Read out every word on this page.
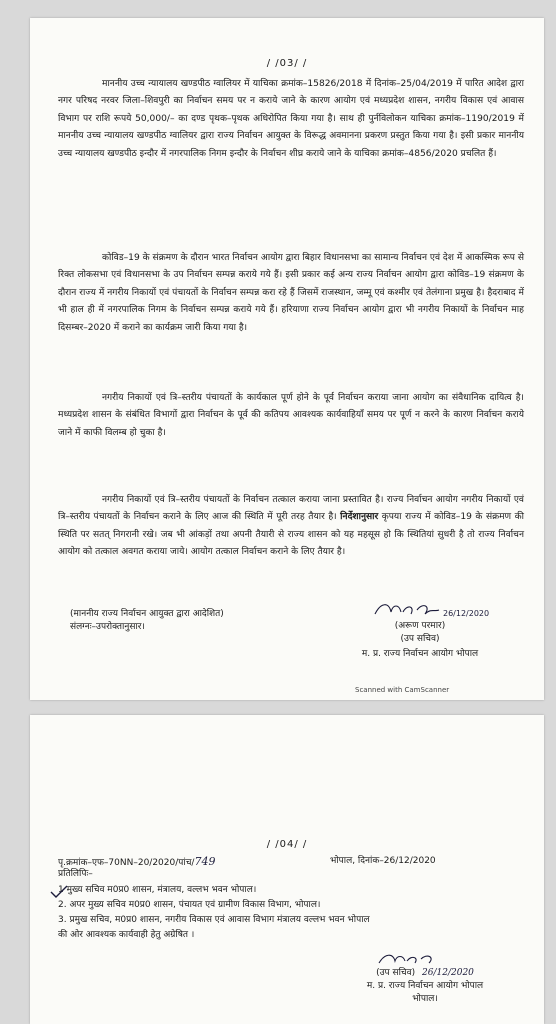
/ /03/ /
माननीय उच्च न्यायालय खण्डपीठ ग्वालियर में याचिका क्रमांक–15826/2018 में दिनांक–25/04/2019 में पारित आदेश द्वारा नगर परिषद नरवर जिला–शिवपुरी का निर्वाचन समय पर न कराये जाने के कारण आयोग एवं मध्यप्रदेश शासन, नगरीय विकास एवं आवास विभाग पर राशि रूपये 50,000/– का दण्ड पृथक–पृथक अधिरोपित किया गया है। साथ ही पुर्नविलोकन याचिका क्रमांक–1190/2019 में माननीय उच्च न्यायालय खण्डपीठ ग्वालियर द्वारा राज्य निर्वाचन आयुक्त के विरूद्ध अवमानना प्रकरण प्रस्तुत किया गया है। इसी प्रकार माननीय उच्च न्यायालय खण्डपीठ इन्दौर में नगरपालिक निगम इन्दौर के निर्वाचन शीघ्र कराये जाने के याचिका क्रमांक–4856/2020 प्रचलित हैं।
कोविड–19 के संक्रमण के दौरान भारत निर्वाचन आयोग द्वारा बिहार विधानसभा का सामान्य निर्वाचन एवं देश में आकस्मिक रूप से रिक्त लोकसभा एवं विधानसभा के उप निर्वाचन सम्पन्न कराये गये हैं। इसी प्रकार कई अन्य राज्य निर्वाचन आयोग द्वारा कोविड–19 संक्रमण के दौरान राज्य में नगरीय निकायों एवं पंचायतों के निर्वाचन सम्पन्न करा रहे हैं जिसमें राजस्थान, जम्मू एवं कश्मीर एवं तेलंगाना प्रमुख है। हैदराबाद में भी हाल ही में नगरपालिक निगम के निर्वाचन सम्पन्न कराये गये हैं। हरियाणा राज्य निर्वाचन आयोग द्वारा भी नगरीय निकायों के निर्वाचन माह दिसम्बर–2020 में कराने का कार्यक्रम जारी किया गया है।
नगरीय निकायों एवं त्रि–स्तरीय पंचायतों के कार्यकाल पूर्ण होने के पूर्व निर्वाचन कराया जाना आयोग का संवैधानिक दायित्व है। मध्यप्रदेश शासन के संबंधित विभागों द्वारा निर्वाचन के पूर्व की कतिपय आवश्यक कार्यवाहियॉं समय पर पूर्ण न करने के कारण निर्वाचन कराये जाने में काफी विलम्ब हो चुका है।
नगरीय निकायों एवं त्रि–स्तरीय पंचायतों के निर्वाचन तत्काल कराया जाना प्रस्तावित है। राज्य निर्वाचन आयोग नगरीय निकायों एवं त्रि–स्तरीय पंचायतों के निर्वाचन कराने के लिए आज की स्थिति में पूरी तरह तैयार है। निर्देशानुसार कृपया राज्य में कोविड–19 के संक्रमण की स्थिति पर सतत् निगरानी रखे। जब भी आंकड़ों तथा अपनी तैयारी से राज्य शासन को यह महसूस हो कि स्थितियां सुधरी है तो राज्य निर्वाचन आयोग को तत्काल अवगत कराया जाये। आयोग तत्काल निर्वाचन कराने के लिए तैयार है।
(माननीय राज्य निर्वाचन आयुक्त द्वारा आदेशित)
संलग्नः–उपरोक्तानुसार।
26/12/2020
(अरूण परमार)
(उप सचिव)
म. प्र. राज्य निर्वाचन आयोग भोपाल
Scanned with CamScanner
/ /04/ /
पृ.क्रमांक–एफ–70NN–20/2020/पांच/749	भोपाल, दिनांक–26/12/2020
प्रतिलिपिः–
1 मुख्य सचिव म0प्र0 शासन, मंत्रालय, वल्लभ भवन भोपाल।
2. अपर मुख्य सचिव म0प्र0 शासन, पंचायत एवं ग्रामीण विकास विभाग, भोपाल।
3. प्रमुख सचिव, म0प्र0 शासन, नगरीय विकास एवं आवास विभाग मंत्रालय वल्लभ भवन भोपाल
की ओर आवश्यक कार्यवाही हेतु अग्रेषित ।
(उप सचिव) 26/12/2020
म. प्र. राज्य निर्वाचन आयोग भोपाल
भोपाल।
